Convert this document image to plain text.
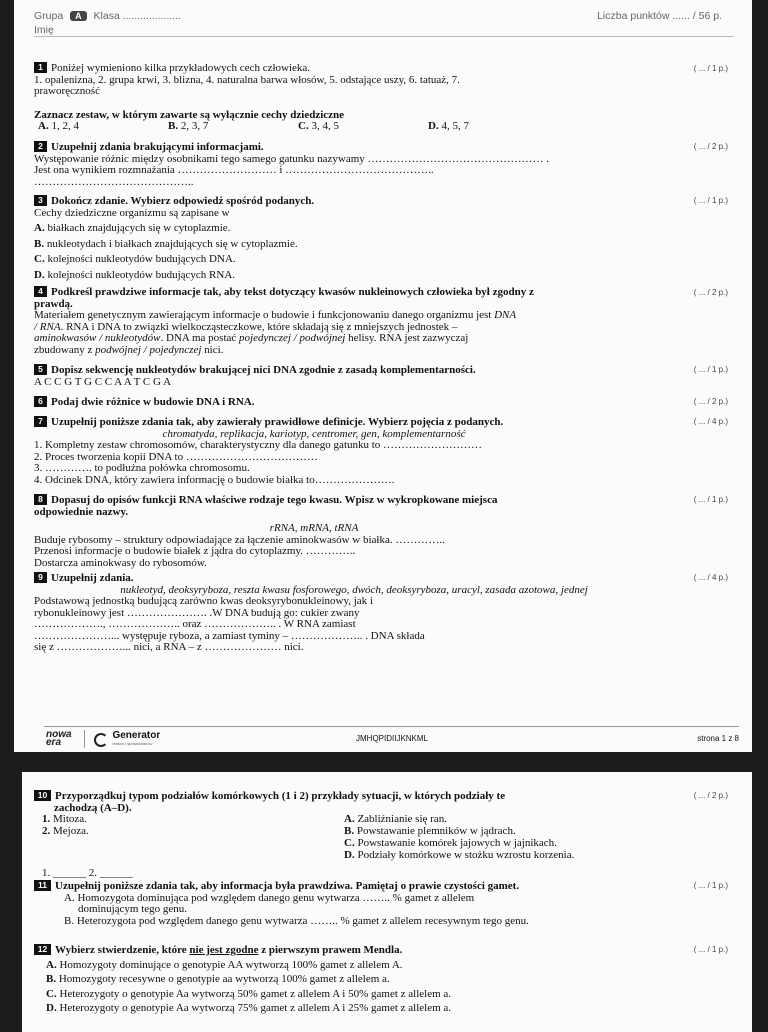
Grupa A Klasa ....................
Imię
Liczba punktów ...... / 56 p.
1 Poniżej wymieniono kilka przykładowych cech człowieka.
1. opalenizna, 2. grupa krwi, 3. blizna, 4. naturalna barwa włosów, 5. odstające uszy, 6. tatuaż, 7.
praworęczność
Zaznacz zestaw, w którym zawarte są wyłącznie cechy dziedziczne
A. 1, 2, 4	B. 2, 3, 7	C. 3, 4, 5	D. 4, 5, 7
( ... / 1 p.)
2 Uzupełnij zdania brakującymi informacjami.
Występowanie różnic między osobnikami tego samego gatunku nazywamy ………………………………………… .
Jest ona wynikiem rozmnażania ……………………… i …………………………………..
……………………………………..
( ... / 2 p.)
3 Dokończ zdanie. Wybierz odpowiedź spośród podanych.
Cechy dziedziczne organizmu są zapisane w
A. białkach znajdujących się w cytoplazmie.
B. nukleotydach i białkach znajdujących się w cytoplazmie.
C. kolejności nukleotydów budujących DNA.
D. kolejności nukleotydów budujących RNA.
( ... / 1 p.)
4 Podkreśl prawdziwe informacje tak, aby tekst dotyczący kwasów nukleinowych człowieka był zgodny z
prawdą.
Materiałem genetycznym zawierającym informacje o budowie i funkcjonowaniu danego organizmu jest DNA
/ RNA. RNA i DNA to związki wielkocząsteczkowe, które składają się z mniejszych jednostek –
aminokwasów / nukleotydów. DNA ma postać pojedynczej / podwójnej helisy. RNA jest zazwyczaj
zbudowany z podwójnej / pojedynczej nici.
( ... / 2 p.)
5 Dopisz sekwencję nukleotydów brakującej nici DNA zgodnie z zasadą komplementarności.
A C C G T G C C A A T C G A
( ... / 1 p.)
6 Podaj dwie różnice w budowie DNA i RNA.	( ... / 2 p.)
7 Uzupełnij poniższe zdania tak, aby zawierały prawidłowe definicje. Wybierz pojęcia z podanych.
chromatyda, replikacja, kariotyp, centromer, gen, komplementarność
1. Kompletny zestaw chromosomów, charakterystyczny dla danego gatunku to ………………………
2. Proces tworzenia kopii DNA to ………………………………
3. …………. to podłużna połówka chromosomu.
4. Odcinek DNA, który zawiera informację o budowie białka to………………….
( ... / 4 p.)
8 Dopasuj do opisów funkcji RNA właściwe rodzaje tego kwasu. Wpisz w wykropkowane miejsca
odpowiednie nazwy.
rRNA, mRNA, tRNA
Buduje rybosomy – struktury odpowiadające za łączenie aminokwasów w białka. …………..
Przenosi informacje o budowie białek z jądra do cytoplazmy. …………..
Dostarcza aminokwasy do rybosomów.
( ... / 1 p.)
9 Uzupełnij zdania.
nukleotyd, deoksyryboza, reszta kwasu fosforowego, dwóch, deoksyryboza, uracyl, zasada azotowa, jednej
Podstawową jednostką budującą zarówno kwas deoksyrybonukleinowy, jak i
rybonukleinowy jest …………………. .W DNA budują go: cukier zwany
………………., ……………….. oraz ……………….. . W RNA zamiast
…………………... występuje ryboza, a zamiast tyminy – ……………….. . DNA składa
się z ………………... nici, a RNA – z ………………… nici.
( ... / 4 p.)
nowa
era

Generator
testów i sprawdzianów
JMHQPIDIIJKNKML	strona 1 z 8
10 Przyporządkuj typom podziałów komórkowych (1 i 2) przykłady sytuacji, w których podziały te
zachodzą (A–D).
1. Mitoza.
2. Mejoza.
A. Zabliźnianie się ran.
B. Powstawanie plemników w jądrach.
C. Powstawanie komórek jajowych w jajnikach.
D. Podziały komórkowe w stożku wzrostu korzenia.
1. ______ 2. ______
( ... / 2 p.)
11 Uzupełnij poniższe zdania tak, aby informacja była prawdziwa. Pamiętaj o prawie czystości gamet.
A. Homozygota dominująca pod względem danego genu wytwarza …….. % gamet z allelem
dominującym tego genu.
B. Heterozygota pod względem danego genu wytwarza …….. % gamet z allelem recesywnym tego genu.
( ... / 1 p.)
12 Wybierz stwierdzenie, które nie jest zgodne z pierwszym prawem Mendla.
A. Homozygoty dominujące o genotypie AA wytworzą 100% gamet z allelem A.
B. Homozygoty recesywne o genotypie aa wytworzą 100% gamet z allelem a.
C. Heterozygoty o genotypie Aa wytworzą 50% gamet z allelem A i 50% gamet z allelem a.
D. Heterozygoty o genotypie Aa wytworzą 75% gamet z allelem A i 25% gamet z allelem a.
( ... / 1 p.)
